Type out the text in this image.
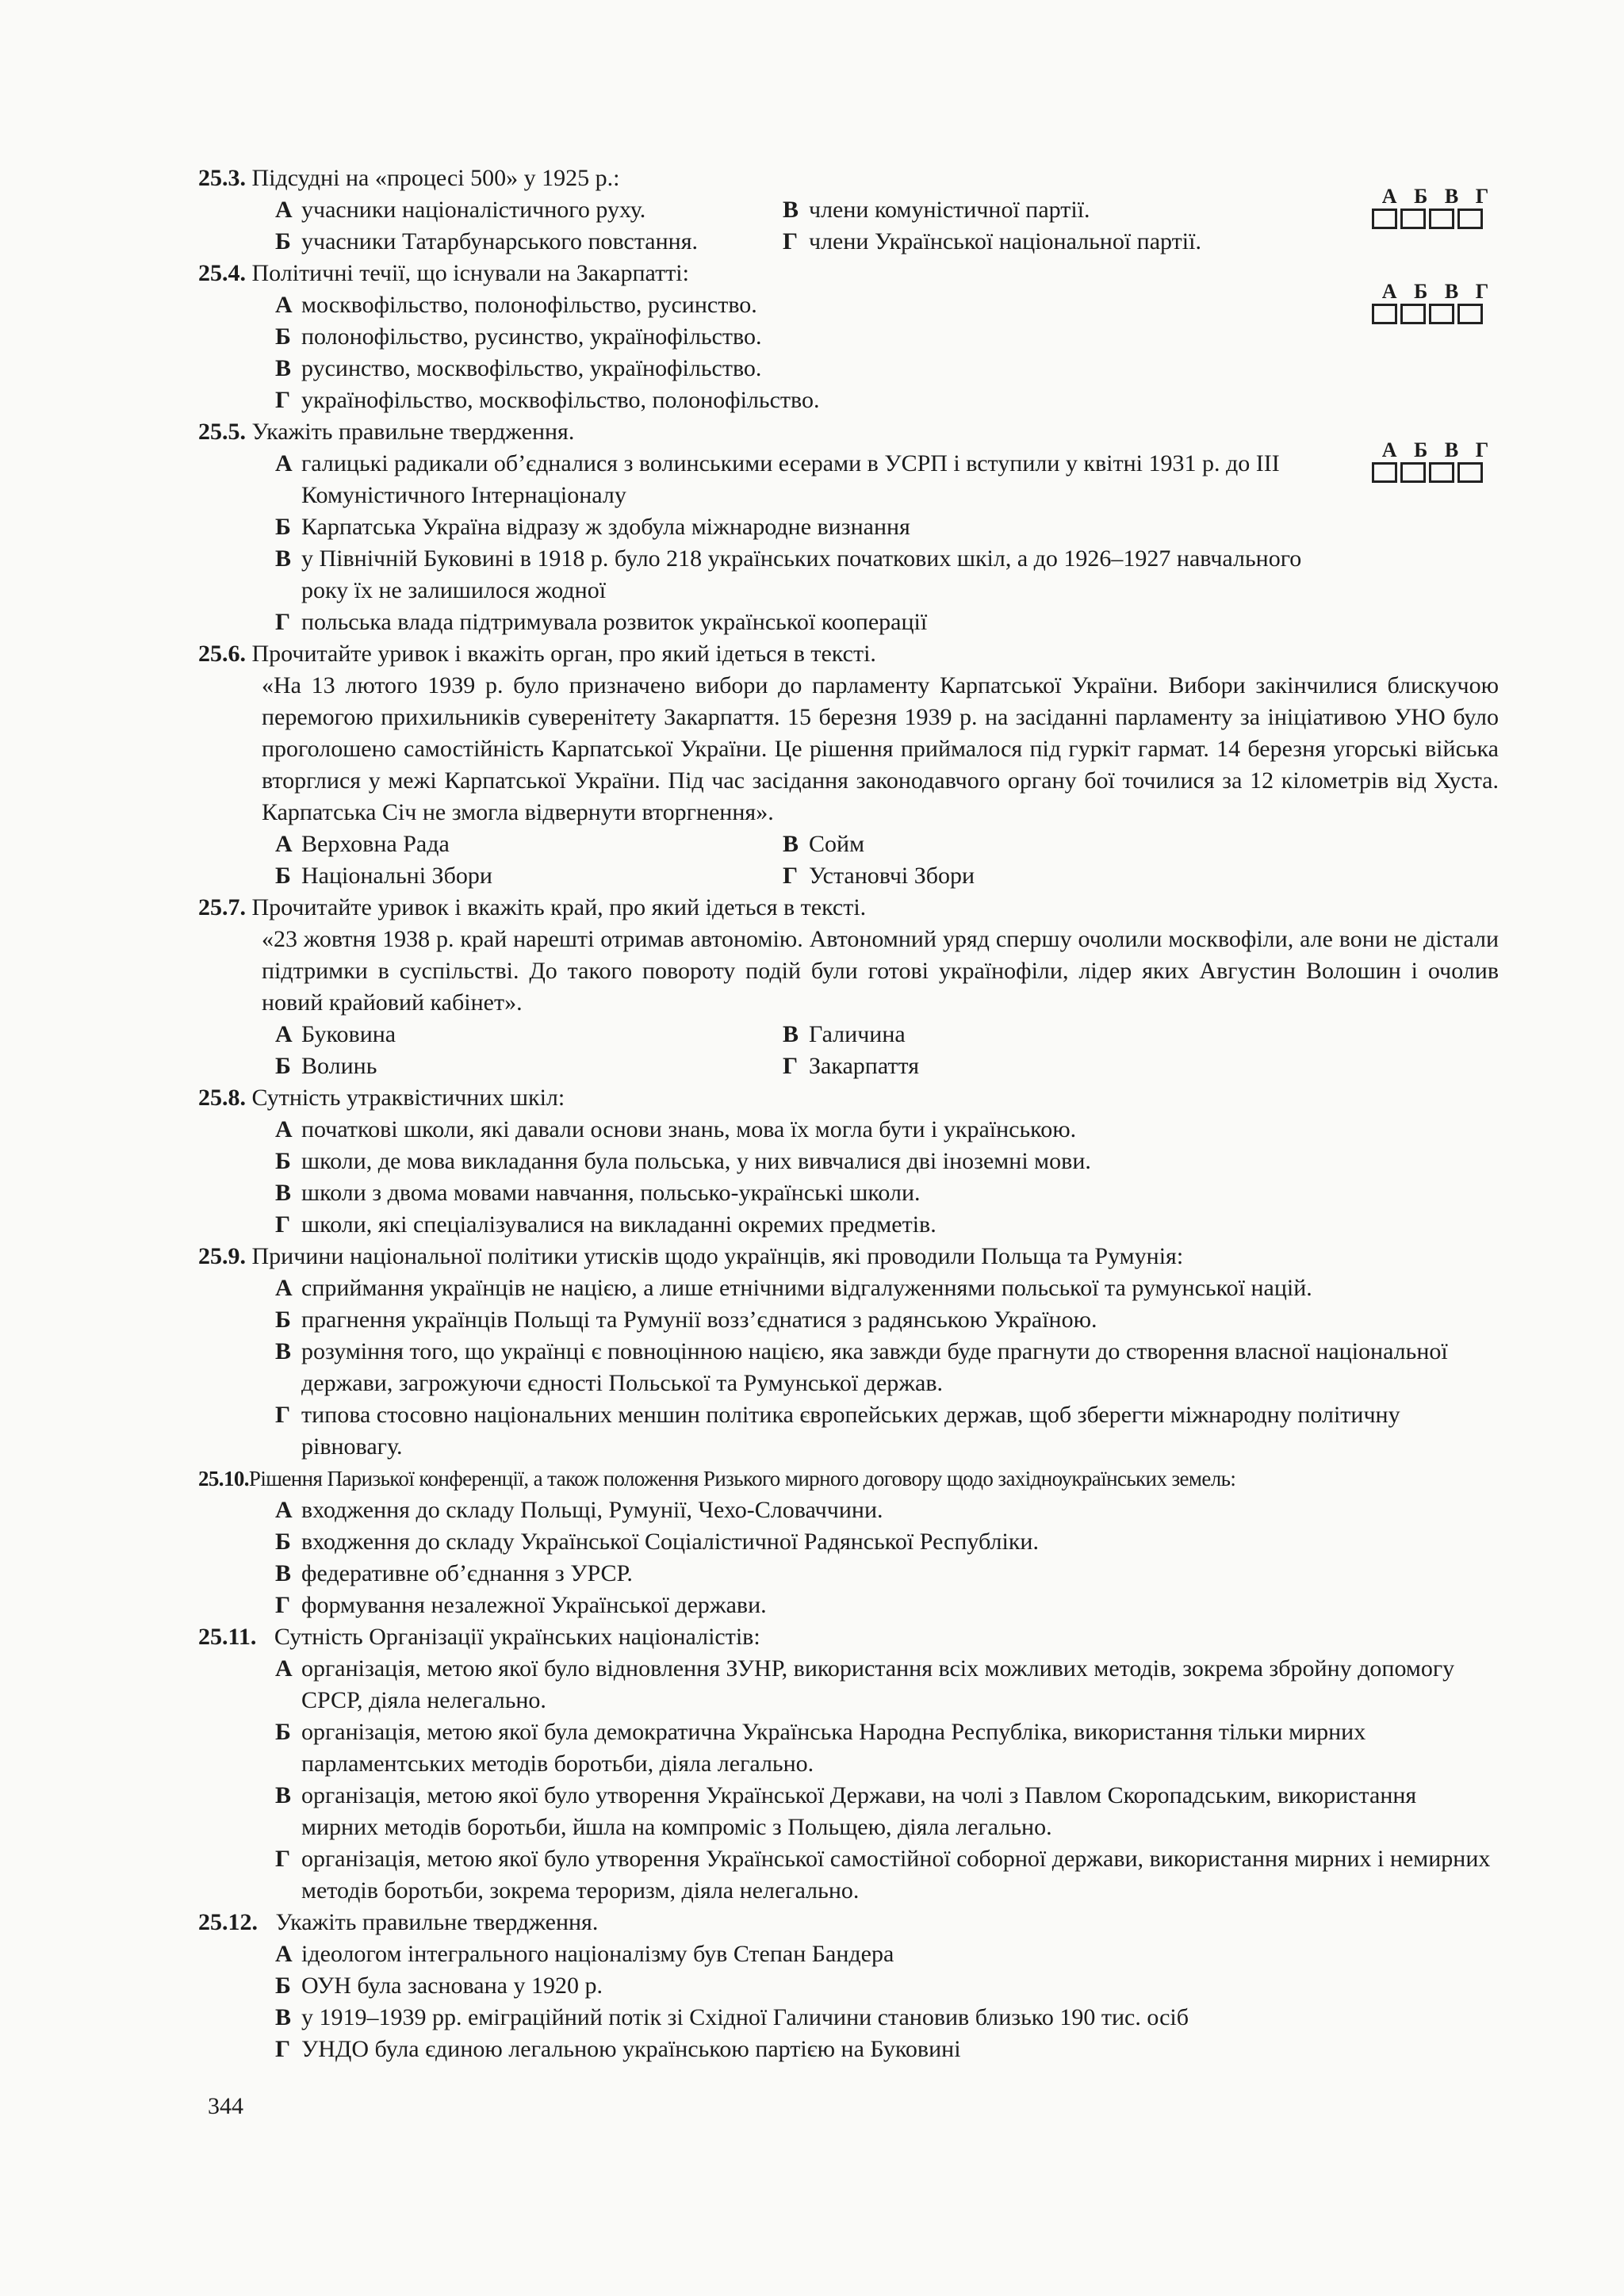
А Б В Г
25.3. Підсудні на «процесі 500» у 1925 р.:
А учасники націоналістичного руху.	В члени комуністичної партії.
Б учасники Татарбунарського повстання.	Г члени Української національної партії.
А Б В Г
25.4. Політичні течії, що існували на Закарпатті:
А москвофільство, полонофільство, русинство.
Б полонофільство, русинство, українофільство.
В русинство, москвофільство, українофільство.
Г українофільство, москвофільство, полонофільство.
А Б В Г
25.5. Укажіть правильне твердження.
А галицькі радикали об’єдналися з волинськими есерами в УСРП і вступили у квітні 1931 р. до ІІІ Комуністичного Інтернаціоналу
Б Карпатська Україна відразу ж здобула міжнародне визнання
В у Північній Буковині в 1918 р. було 218 українських початкових шкіл, а до 1926–1927 навчального року їх не залишилося жодної
Г польська влада підтримувала розвиток української кооперації
25.6. Прочитайте уривок і вкажіть орган, про який ідеться в тексті.
«На 13 лютого 1939 р. було призначено вибори до парламенту Карпатської України. Вибори закінчилися блискучою перемогою прихильників суверенітету Закарпаття. 15 березня 1939 р. на засіданні парламенту за ініціативою УНО було проголошено самостійність Карпатської України. Це рішення приймалося під гуркіт гармат. 14 березня угорські війська вторглися у межі Карпатської України. Під час засідання законодавчого органу бої точилися за 12 кілометрів від Хуста. Карпатська Січ не змогла відвернути вторгнення».
А Верховна Рада	В Сойм
Б Національні Збори	Г Установчі Збори
25.7. Прочитайте уривок і вкажіть край, про який ідеться в тексті.
«23 жовтня 1938 р. край нарешті отримав автономію. Автономний уряд спершу очолили москвофіли, але вони не дістали підтримки в суспільстві. До такого повороту подій були готові українофіли, лідер яких Августин Волошин і очолив новий крайовий кабінет».
А Буковина	В Галичина
Б Волинь	Г Закарпаття
25.8. Сутність утраквістичних шкіл:
А початкові школи, які давали основи знань, мова їх могла бути і українською.
Б школи, де мова викладання була польська, у них вивчалися дві іноземні мови.
В школи з двома мовами навчання, польсько-українські школи.
Г школи, які спеціалізувалися на викладанні окремих предметів.
25.9. Причини національної політики утисків щодо українців, які проводили Польща та Румунія:
А сприймання українців не нацією, а лише етнічними відгалуженнями польської та румунської націй.
Б прагнення українців Польщі та Румунії возз’єднатися з радянською Україною.
В розуміння того, що українці є повноцінною нацією, яка завжди буде прагнути до створення власної національної держави, загрожуючи єдності Польської та Румунської держав.
Г типова стосовно національних меншин політика європейських держав, щоб зберегти міжнародну політичну рівновагу.
25.10.Рішення Паризької конференції, а також положення Ризького мирного договору щодо західноукраїнських земель:
А входження до складу Польщі, Румунії, Чехо-Словаччини.
Б входження до складу Української Соціалістичної Радянської Республіки.
В федеративне об’єднання з УРСР.
Г формування незалежної Української держави.
25.11. Сутність Організації українських націоналістів:
А організація, метою якої було відновлення ЗУНР, використання всіх можливих методів, зокрема збройну допомогу СРСР, діяла нелегально.
Б організація, метою якої була демократична Українська Народна Республіка, використання тільки мирних парламентських методів боротьби, діяла легально.
В організація, метою якої було утворення Української Держави, на чолі з Павлом Скоропадським, використання мирних методів боротьби, йшла на компроміс з Польщею, діяла легально.
Г організація, метою якої було утворення Української самостійної соборної держави, використання мирних і немирних методів боротьби, зокрема тероризм, діяла нелегально.
25.12. Укажіть правильне твердження.
А ідеологом інтегрального націоналізму був Степан Бандера
Б ОУН була заснована у 1920 р.
В у 1919–1939 рр. еміграційний потік зі Східної Галичини становив близько 190 тис. осіб
Г УНДО була єдиною легальною українською партією на Буковині
344
